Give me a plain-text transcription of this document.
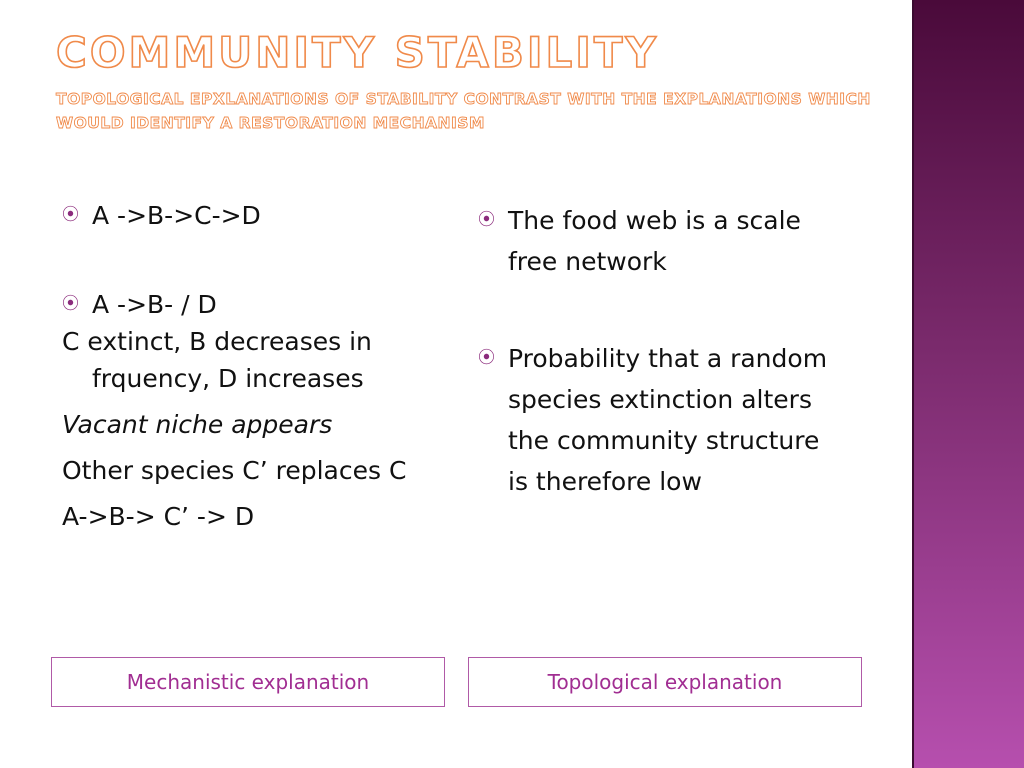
COMMUNITY STABILITY

TOPOLOGICAL EPXLANATIONS OF STABILITY CONTRAST WITH THE EXPLANATIONS WHICH WOULD IDENTIFY A RESTORATION MECHANISM

⦿ A ->B->C->D
⦿ A ->B- / D
C extinct, B decreases in frquency, D increases
Vacant niche appears
Other species C’ replaces C
A->B-> C’ -> D
⦿ The food web is a scale free network
⦿ Probability that a random species extinction alters the community structure is therefore low
Mechanistic explanation	Topological explanation
